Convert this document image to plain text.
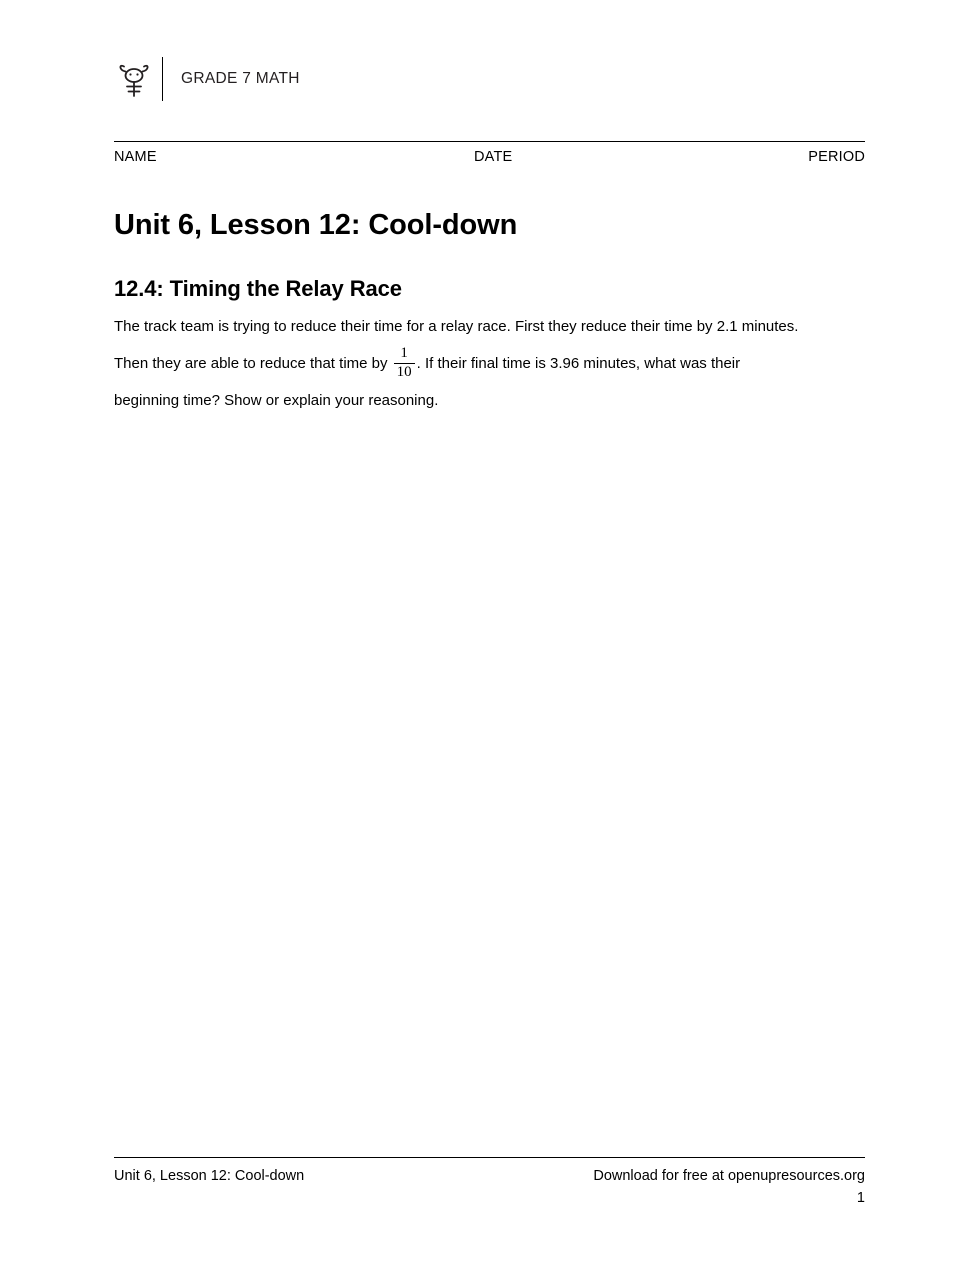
GRADE 7 MATH
NAME	DATE	PERIOD
Unit 6, Lesson 12: Cool-down
12.4: Timing the Relay Race
The track team is trying to reduce their time for a relay race. First they reduce their time by 2.1 minutes.
Then they are able to reduce that time by $\frac{1}{10}$ . If their final time is 3.96 minutes, what was their
beginning time? Show or explain your reasoning.
Unit 6, Lesson 12: Cool-down	Download for free at openupresources.org
1
